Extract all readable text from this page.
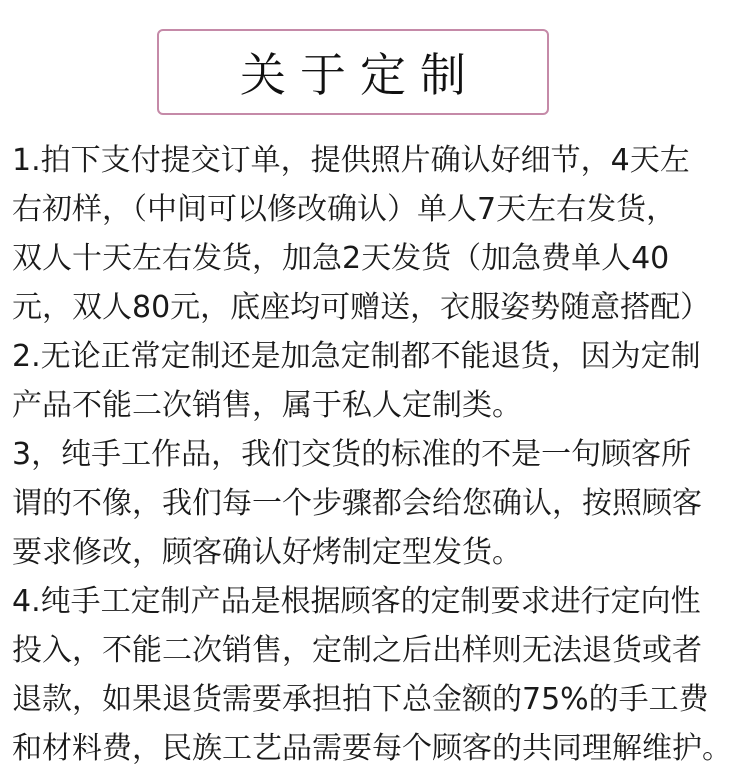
关于定制
1.拍下支付提交订单，提供照片确认好细节，4天左
右初样，（中间可以修改确认）单人7天左右发货，
双人十天左右发货，加急2天发货（加急费单人40
元，双人80元，底座均可赠送，衣服姿势随意搭配）
2.无论正常定制还是加急定制都不能退货，因为定制
产品不能二次销售，属于私人定制类。
3，纯手工作品，我们交货的标准的不是一句顾客所
谓的不像，我们每一个步骤都会给您确认，按照顾客
要求修改，顾客确认好烤制定型发货。
4.纯手工定制产品是根据顾客的定制要求进行定向性
投入，不能二次销售，定制之后出样则无法退货或者
退款，如果退货需要承担拍下总金额的75%的手工费
和材料费，民族工艺品需要每个顾客的共同理解维护。
